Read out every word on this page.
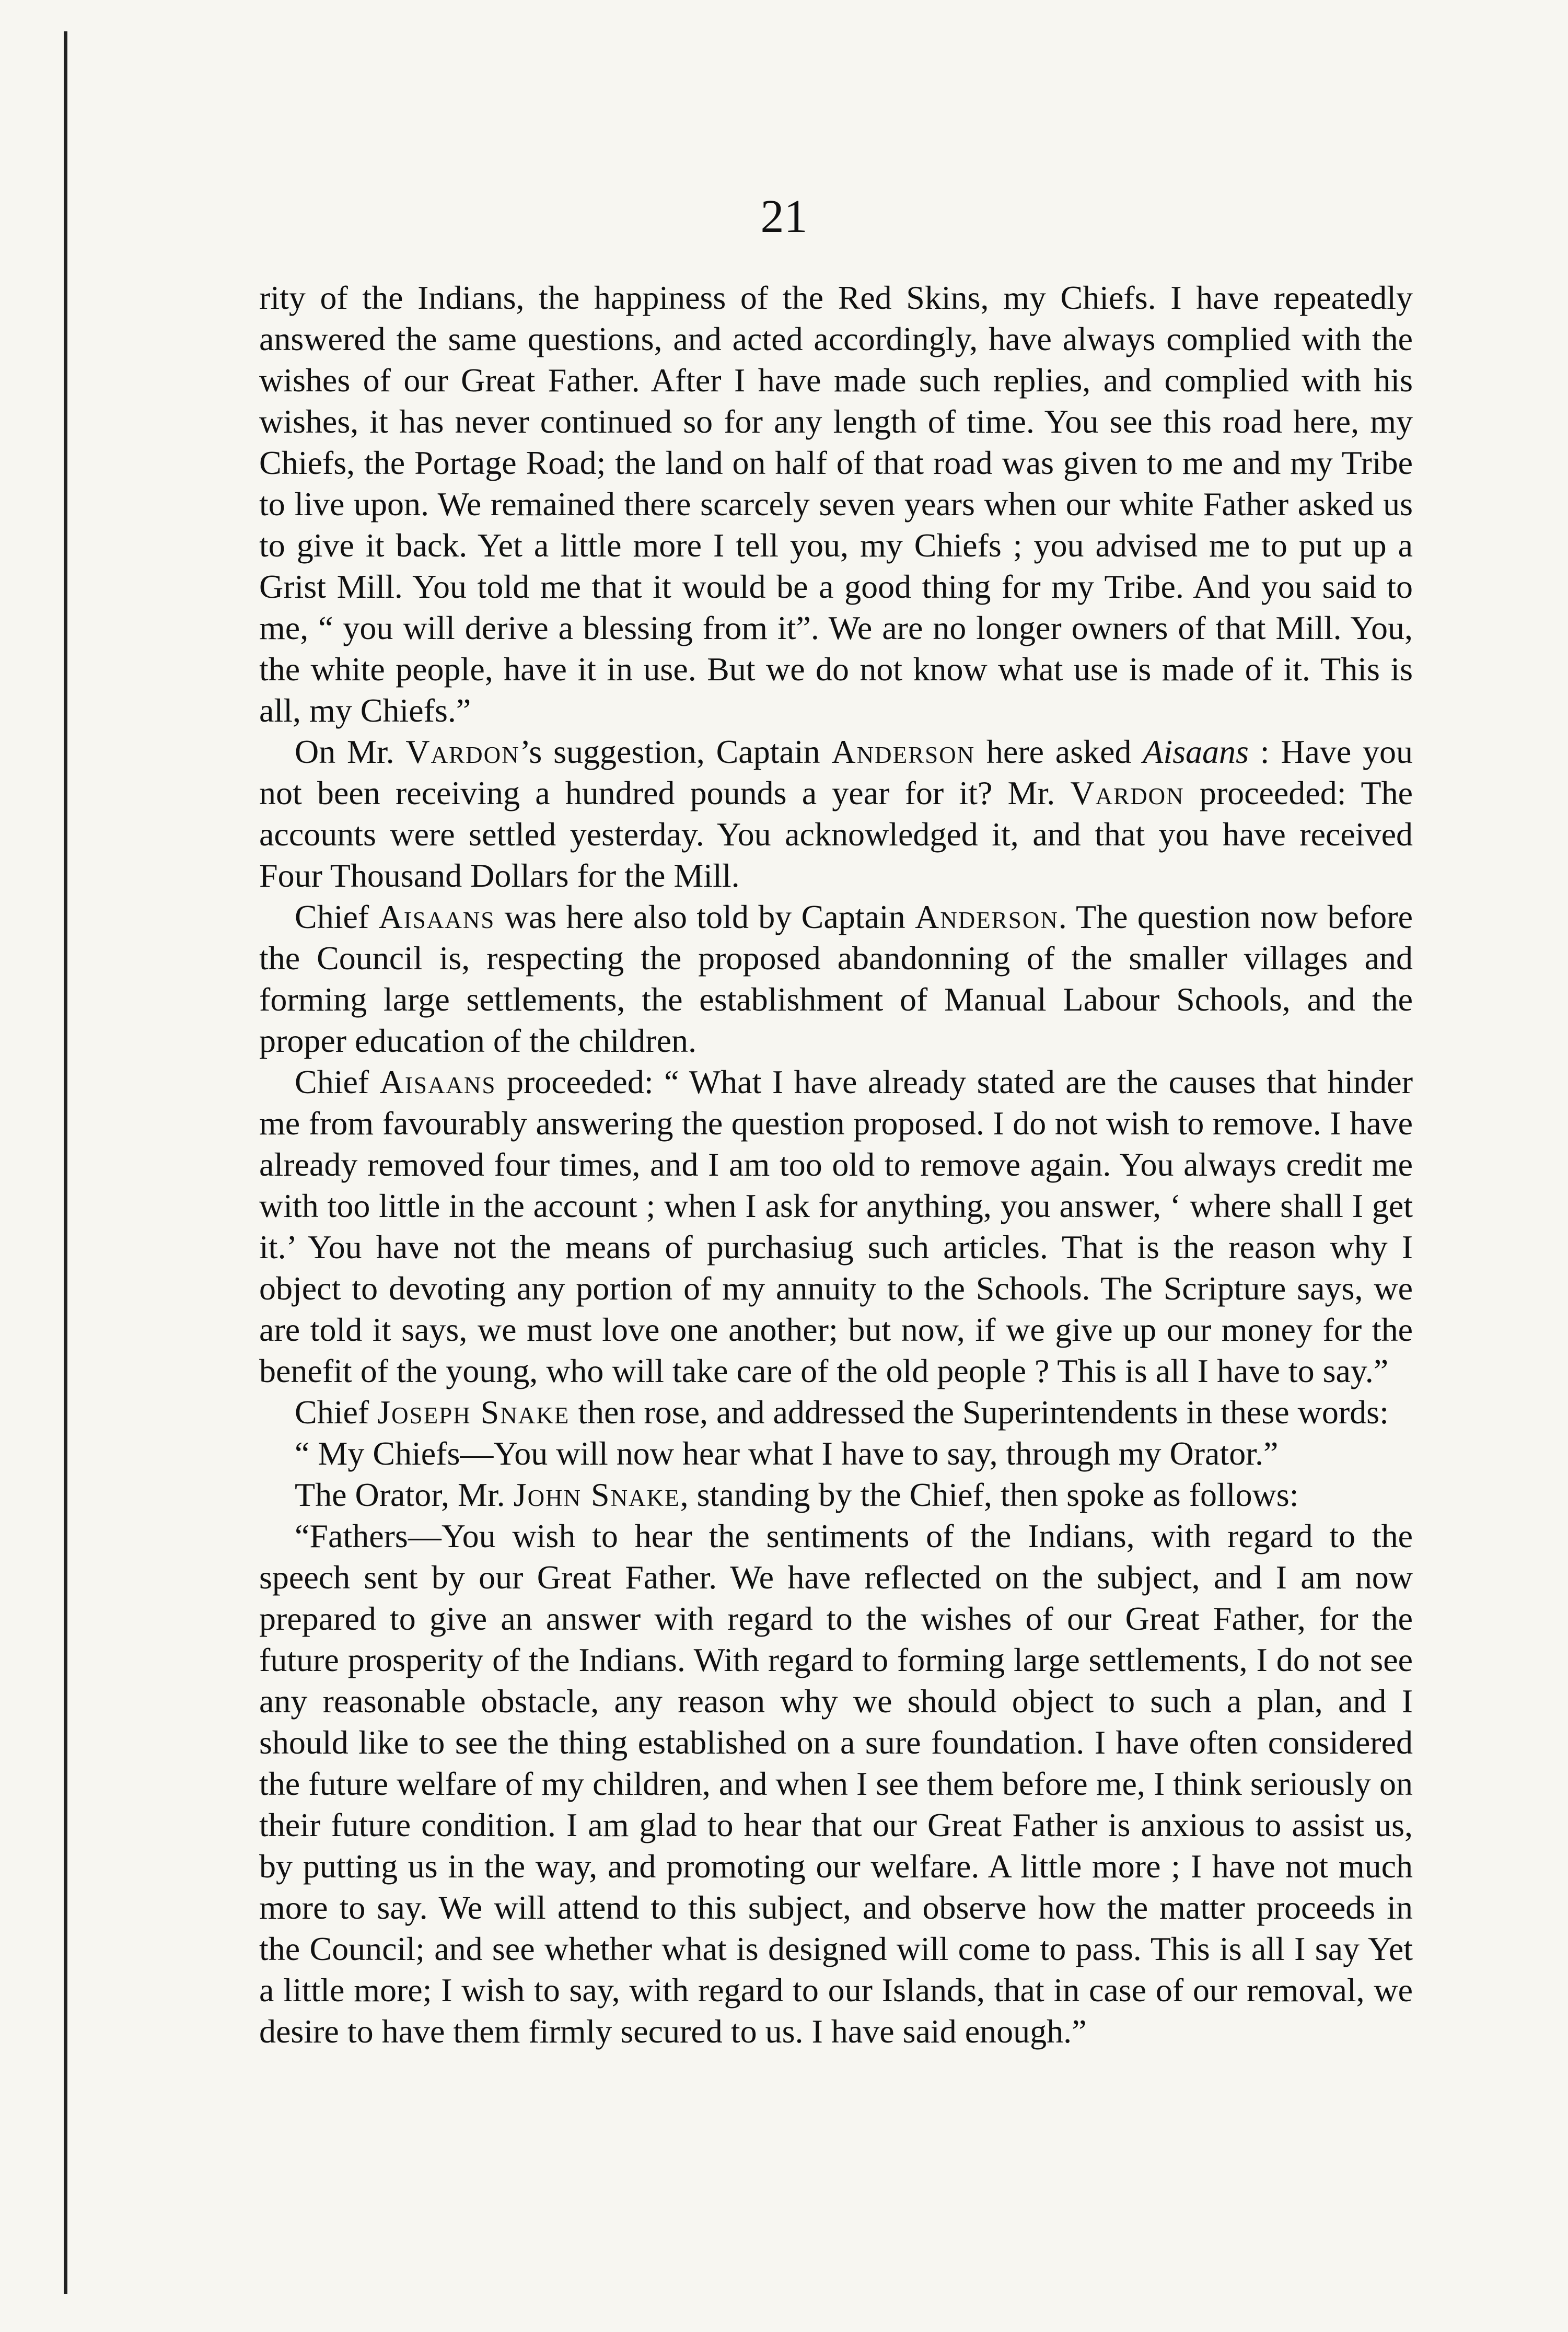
21

rity of the Indians, the happiness of the Red Skins, my Chiefs. I have repeatedly answered the same questions, and acted accordingly, have always complied with the wishes of our Great Father. After I have made such replies, and complied with his wishes, it has never continued so for any length of time. You see this road here, my Chiefs, the Portage Road; the land on half of that road was given to me and my Tribe to live upon. We remained there scarcely seven years when our white Father asked us to give it back. Yet a little more I tell you, my Chiefs ; you advised me to put up a Grist Mill. You told me that it would be a good thing for my Tribe. And you said to me, “ you will derive a blessing from it”. We are no longer owners of that Mill. You, the white people, have it in use. But we do not know what use is made of it. This is all, my Chiefs.”

On Mr. Vardon’s suggestion, Captain Anderson here asked Aisaans : Have you not been receiving a hundred pounds a year for it? Mr. Vardon proceeded: The accounts were settled yesterday. You acknowledged it, and that you have received Four Thousand Dollars for the Mill.

Chief Aisaans was here also told by Captain Anderson. The question now before the Council is, respecting the proposed abandonning of the smaller villages and forming large settlements, the establishment of Manual Labour Schools, and the proper education of the children.

Chief Aisaans proceeded: “ What I have already stated are the causes that hinder me from favourably answering the question proposed. I do not wish to remove. I have already removed four times, and I am too old to remove again. You always credit me with too little in the account ; when I ask for anything, you answer, ‘ where shall I get it.’ You have not the means of purchasiug such articles. That is the reason why I object to devoting any portion of my annuity to the Schools. The Scripture says, we are told it says, we must love one another; but now, if we give up our money for the benefit of the young, who will take care of the old people ? This is all I have to say.”

Chief Joseph Snake then rose, and addressed the Superintendents in these words:

“ My Chiefs—You will now hear what I have to say, through my Orator.”

The Orator, Mr. John Snake, standing by the Chief, then spoke as follows:

“Fathers—You wish to hear the sentiments of the Indians, with regard to the speech sent by our Great Father. We have reflected on the subject, and I am now prepared to give an answer with regard to the wishes of our Great Father, for the future prosperity of the Indians. With regard to forming large settlements, I do not see any reasonable obstacle, any reason why we should object to such a plan, and I should like to see the thing established on a sure foundation. I have often considered the future welfare of my children, and when I see them before me, I think seriously on their future condition. I am glad to hear that our Great Father is anxious to assist us, by putting us in the way, and promoting our welfare. A little more ; I have not much more to say. We will attend to this subject, and observe how the matter proceeds in the Council; and see whether what is designed will come to pass. This is all I say Yet a little more; I wish to say, with regard to our Islands, that in case of our removal, we desire to have them firmly secured to us. I have said enough.”
